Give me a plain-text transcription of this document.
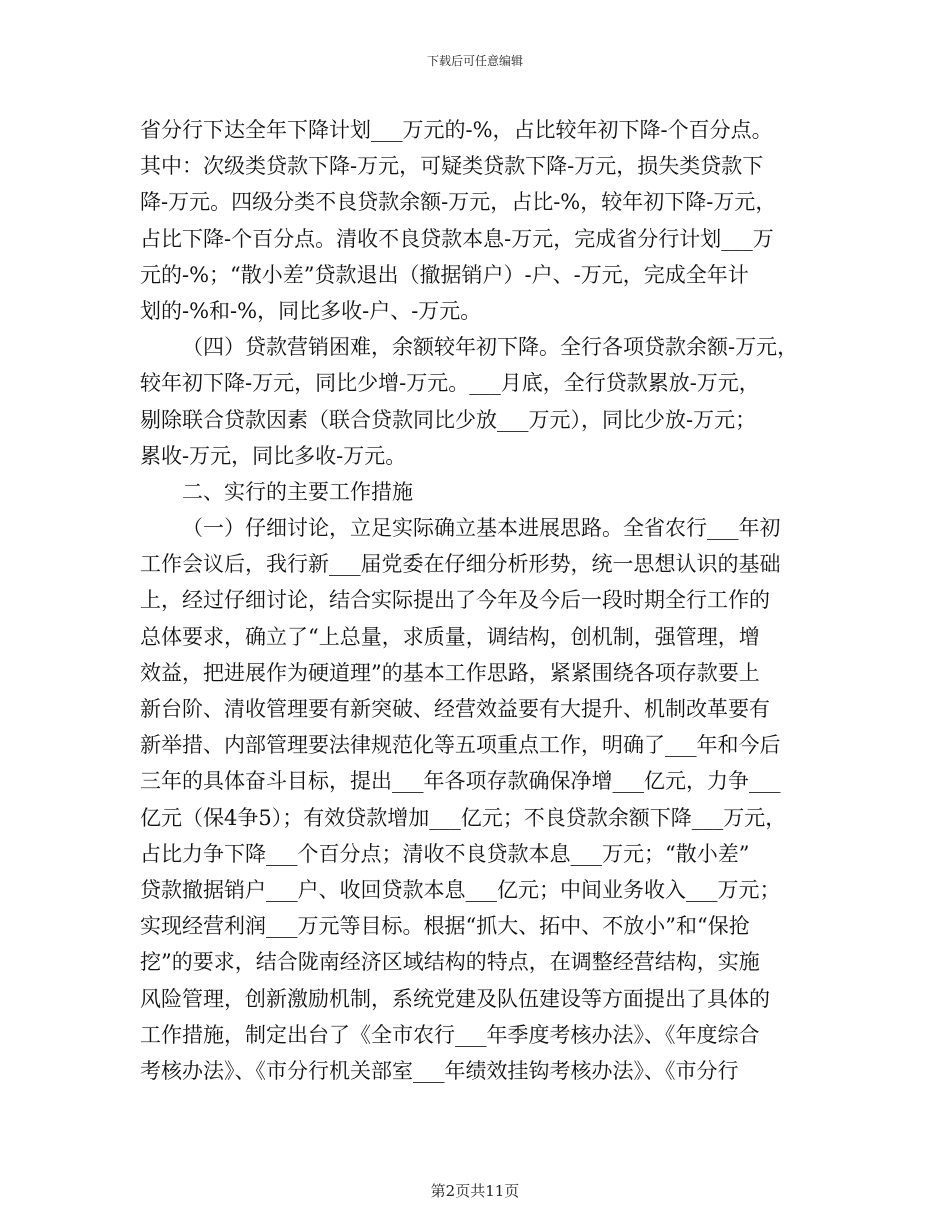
下载后可任意编辑
省分行下达全年下降计划___万元的-%，占比较年初下降-个百分点。
其中：次级类贷款下降-万元，可疑类贷款下降-万元，损失类贷款下
降-万元。四级分类不良贷款余额-万元，占比-%，较年初下降-万元，
占比下降-个百分点。清收不良贷款本息-万元，完成省分行计划___万
元的-%；“散小差”贷款退出（撤据销户）-户、-万元，完成全年计
划的-%和-%，同比多收-户、-万元。
（四）贷款营销困难，余额较年初下降。全行各项贷款余额-万元，
较年初下降-万元，同比少增-万元。___月底，全行贷款累放-万元，
剔除联合贷款因素（联合贷款同比少放___万元），同比少放-万元；
累收-万元，同比多收-万元。
二、实行的主要工作措施
（一）仔细讨论，立足实际确立基本进展思路。全省农行___年初
工作会议后，我行新___届党委在仔细分析形势，统一思想认识的基础
上，经过仔细讨论，结合实际提出了今年及今后一段时期全行工作的
总体要求，确立了“上总量，求质量，调结构，创机制，强管理，增
效益，把进展作为硬道理”的基本工作思路，紧紧围绕各项存款要上
新台阶、清收管理要有新突破、经营效益要有大提升、机制改革要有
新举措、内部管理要法律规范化等五项重点工作，明确了___年和今后
三年的具体奋斗目标，提出___年各项存款确保净增___亿元，力争___
亿元（保4争5）；有效贷款增加___亿元；不良贷款余额下降___万元，
占比力争下降___个百分点；清收不良贷款本息___万元；“散小差”
贷款撤据销户___户、收回贷款本息___亿元；中间业务收入___万元；
实现经营利润___万元等目标。根据“抓大、拓中、不放小”和“保抢
挖”的要求，结合陇南经济区域结构的特点，在调整经营结构，实施
风险管理，创新激励机制，系统党建及队伍建设等方面提出了具体的
工作措施，制定出台了《全市农行___年季度考核办法》、《年度综合
考核办法》、《市分行机关部室___年绩效挂钩考核办法》、《市分行
第2页共11页
